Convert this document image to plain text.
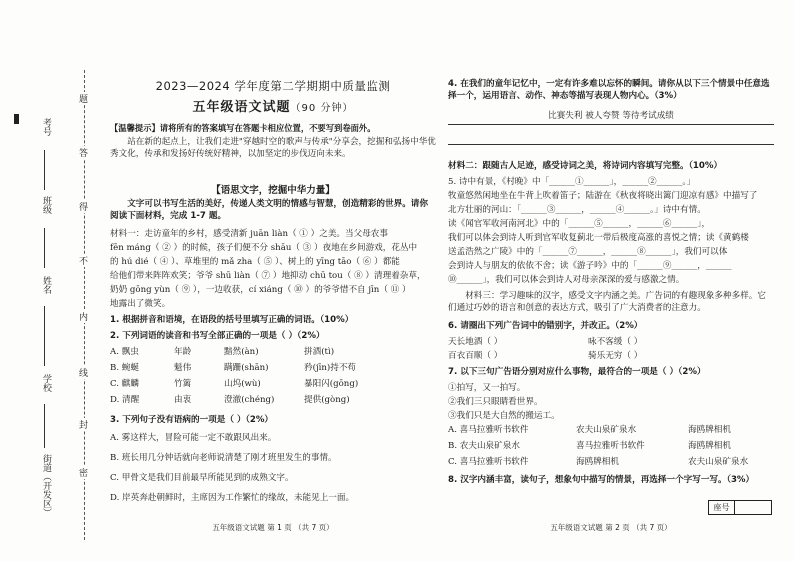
考号
班级
姓名
学校
街道（开发区）
题
答
得
不
内
线
封
密
2023—2024 学年度第二学期期中质量监测
五年级语文试题（90 分钟）
【温馨提示】请将所有的答案填写在答题卡相应位置，不要写到卷面外。
站在新的起点上，让我们走进"穿越时空的歌声与传承"分享会，挖掘和弘扬中华优秀文化，传承和发扬好传统好精神，以加坚定的步伐迈向未来。
【语思文字，挖掘中华力量】
文字可以书写生活的美好，传递人类文明的情感与智慧，创造精彩的世界。请你阅读下面材料，完成 1-7 题。
材料一：走访童年的乡村，感受清新 juān liàn（ ① ）之美。当父母农事
fēn máng（ ② ）的时候，孩子们便不分 shāu（ ③ ）夜地在乡间游戏，花丛中
的 hú dié（ ④ ）、草堆里的 mǎ zha（ ⑤ ）、树上的 yīng tāo（ ⑥ ）都能
给他们带来阵阵欢笑；爷爷 shū liàn（ ⑦ ）地抑动 chū tou（ ⑧ ）清理着杂草，
奶奶 gōng yùn（ ⑨ ），一边收获，cí xiáng（ ⑩ ）的爷爷惜不自 jīn（ ⑪ ）
地露出了微笑。
1. 根据拼音和语境，在语段的括号里填写正确的词语。（10%）
2. 下列词语的读音和书写全部正确的一项是（ ）（2%）
A. 飘虫	年龄	黯然(àn)	拼酒(tì)
B. 蜿蜒	魁伟	蹒跚(shān)	矜(jīn)持不苟
C. 麒麟	竹篱	山坞(wù)	暴阳闪(gōng)
D. 清醒	由衷	澄澈(chéng)	提供(gòng)
3. 下列句子没有语病的一项是（ ）（2%）
A. 雾这样大，冒险可能一定不敢跟风出来。
B. 班长用几分钟话就向老师说清楚了刚才班里发生的事情。
C. 甲骨文是我们目前最早所能见到的成熟文字。
D. 岸英奔赴朝鲜时，主席因为工作繁忙的缘故，未能见上一面。
五年级语文试题 第 1 页 （共 7 页）
4. 在我们的童年记忆中，一定有许多难以忘怀的瞬间。请你从以下三个情景中任意选择一个，运用语言、动作、神态等描写表现人物内心。（3%）
比赛失利 被人夸赞 等待考试成绩
材料二：跟随古人足迹，感受诗词之美，将诗词内容填写完整。（10%）
5. 诗中有景，《村晚》中「______①______」，______②______。」
牧童悠然闲地坐在牛背上吹着笛子；陆游在《秋夜将晓出篱门迎凉有感》中描写了
北方壮丽的河山：「______③______，______④______。」诗中有情。
读《闻官军收河南河北》中的「______⑤______，______⑥______」，
我们可以体会到诗人听到官军收复蓟北一带后极度高涨的喜悦之情；读《黄鹤楼
送孟浩然之广陵》中的「______⑦______，______⑧______」，我们可以体
会到诗人与朋友的依依不舍；读《游子吟》中的「______⑨______，______
⑩______」，我们可以体会到诗人对母亲深深的爱与感激之情。
材料三：学习趣味的汉字，感受文字内涵之美。广告词的有趣现象多种多样。它们通过巧妙的语言和创意的表达方式，吸引了广大消费者的注意力。
6. 请圈出下列广告词中的错别字，并改正。（2%）
天长地酒（ ）	咏不客缓（ ）
百衣百顺（ ）	骑乐无穷（ ）
7. 以下三句广告语分别对应什么事物，最符合的一项是（ ）（2%）
①拍写，又一拍写。
②我们三只眼睛看世界。
③我们只是大自然的搬运工。
A. 喜马拉雅听书软件	农夫山泉矿泉水	海鸥牌相机
B. 农夫山泉矿泉水	喜马拉雅听书软件	海鸥牌相机
C. 喜马拉雅听书软件	海鸥牌相机	农夫山泉矿泉水
8. 汉字内涵丰富，读句子，想象句中描写的情景，再选择一个字写一写。（3%）
五年级语文试题 第 2 页 （共 7 页）
座号
